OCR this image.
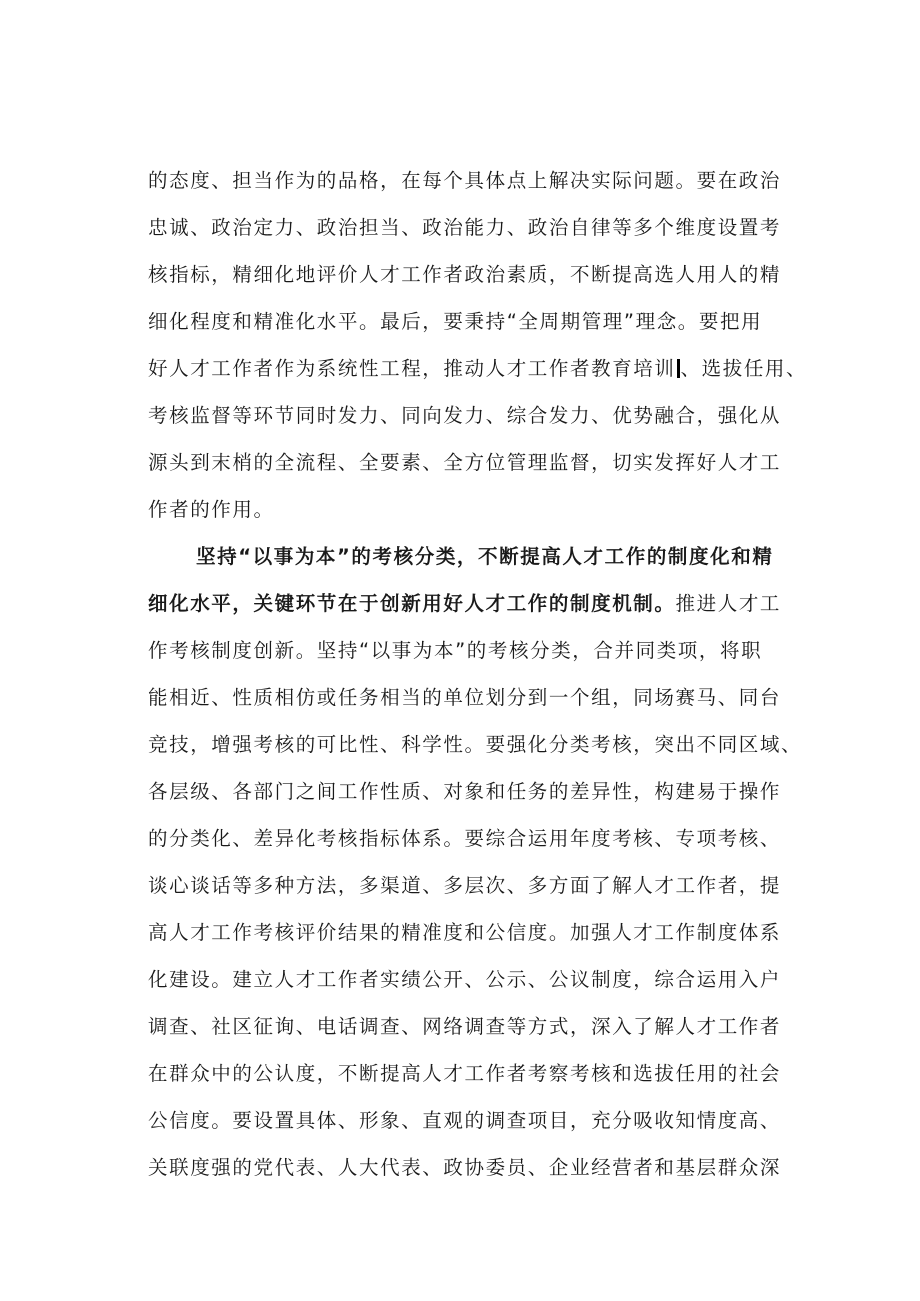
的态度、担当作为的品格，在每个具体点上解决实际问题。要在政治
忠诚、政治定力、政治担当、政治能力、政治自律等多个维度设置考
核指标，精细化地评价人才工作者政治素质，不断提高选人用人的精
细化程度和精准化水平。最后，要秉持“全周期管理”理念。要把用
好人才工作者作为系统性工程，推动人才工作者教育培训 、选拔任用、
考核监督等环节同时发力、同向发力、综合发力、优势融合，强化从
源头到末梢的全流程、全要素、全方位管理监督，切实发挥好人才工
作者的作用。
坚持“以事为本”的考核分类，不断提高人才工作的制度化和精
细化水平，关键环节在于创新用好人才工作的制度机制。推进人才工
作考核制度创新。坚持“以事为本”的考核分类，合并同类项，将职
能相近、性质相仿或任务相当的单位划分到一个组，同场赛马、同台
竞技，增强考核的可比性、科学性。要强化分类考核，突出不同区域、
各层级、各部门之间工作性质、对象和任务的差异性，构建易于操作
的分类化、差异化考核指标体系。要综合运用年度考核、专项考核、
谈心谈话等多种方法，多渠道、多层次、多方面了解人才工作者，提
高人才工作考核评价结果的精准度和公信度。加强人才工作制度体系
化建设。建立人才工作者实绩公开、公示、公议制度，综合运用入户
调查、社区征询、电话调查、网络调查等方式，深入了解人才工作者
在群众中的公认度，不断提高人才工作者考察考核和选拔任用的社会
公信度。要设置具体、形象、直观的调查项目，充分吸收知情度高、
关联度强的党代表、人大代表、政协委员、企业经营者和基层群众深
